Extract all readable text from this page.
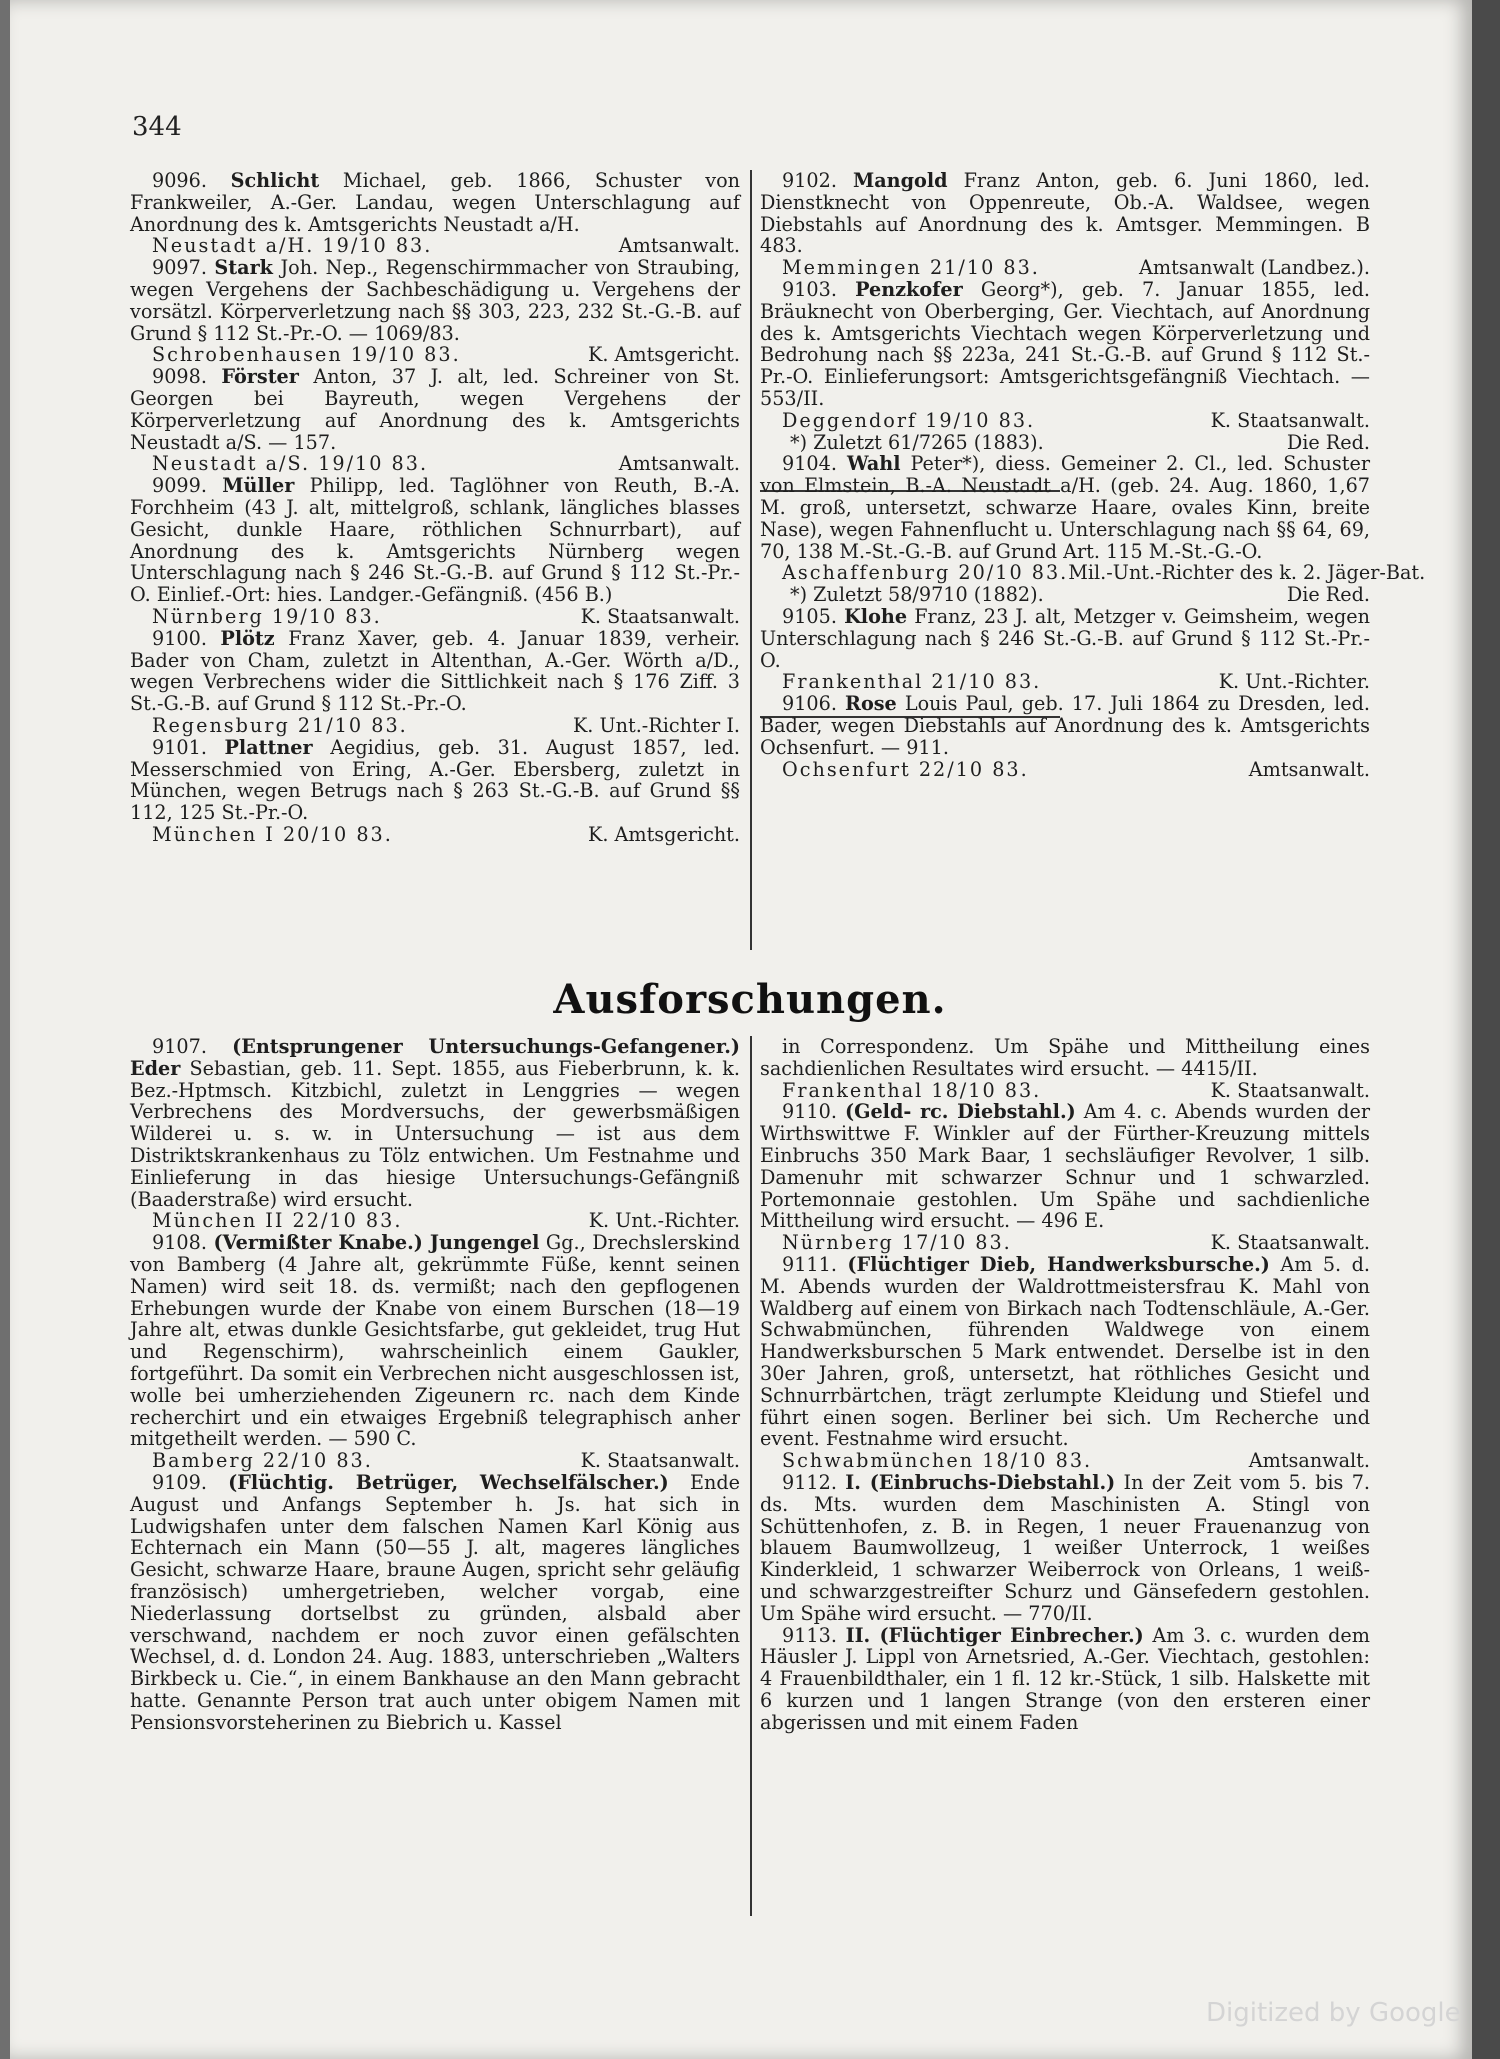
344

9096. Schlicht Michael, geb. 1866, Schuster von Frankweiler, A.-Ger. Landau, wegen Unterschlagung auf Anordnung des k. Amtsgerichts Neustadt a/H.

Neustadt a/H. 19/10 83.	Amtsanwalt.

9097. Stark Joh. Nep., Regenschirmmacher von Straubing, wegen Vergehens der Sachbeschädigung u. Vergehens der vorsätzl. Körperverletzung nach §§ 303, 223, 232 St.-G.-B. auf Grund § 112 St.-Pr.-O. — 1069/83.

Schrobenhausen 19/10 83.	K. Amtsgericht.

9098. Förster Anton, 37 J. alt, led. Schreiner von St. Georgen bei Bayreuth, wegen Vergehens der Körperverletzung auf Anordnung des k. Amtsgerichts Neustadt a/S. — 157.

Neustadt a/S. 19/10 83.	Amtsanwalt.

9099. Müller Philipp, led. Taglöhner von Reuth, B.-A. Forchheim (43 J. alt, mittelgroß, schlank, längliches blasses Gesicht, dunkle Haare, röthlichen Schnurrbart), auf Anordnung des k. Amtsgerichts Nürnberg wegen Unterschlagung nach § 246 St.-G.-B. auf Grund § 112 St.-Pr.-O. Einlief.-Ort: hies. Landger.-Gefängniß. (456 B.)

Nürnberg 19/10 83.	K. Staatsanwalt.

9100. Plötz Franz Xaver, geb. 4. Januar 1839, verheir. Bader von Cham, zuletzt in Altenthan, A.-Ger. Wörth a/D., wegen Verbrechens wider die Sittlichkeit nach § 176 Ziff. 3 St.-G.-B. auf Grund § 112 St.-Pr.-O.

Regensburg 21/10 83.	K. Unt.-Richter I.

9101. Plattner Aegidius, geb. 31. August 1857, led. Messerschmied von Ering, A.-Ger. Ebersberg, zuletzt in München, wegen Betrugs nach § 263 St.-G.-B. auf Grund §§ 112, 125 St.-Pr.-O.

München I 20/10 83.	K. Amtsgericht.

9102. Mangold Franz Anton, geb. 6. Juni 1860, led. Dienstknecht von Oppenreute, Ob.-A. Waldsee, wegen Diebstahls auf Anordnung des k. Amtsger. Memmingen. B 483.

Memmingen 21/10 83.	Amtsanwalt (Landbez.).

9103. Penzkofer Georg*), geb. 7. Januar 1855, led. Bräuknecht von Oberberging, Ger. Viechtach, auf Anordnung des k. Amtsgerichts Viechtach wegen Körperverletzung und Bedrohung nach §§ 223a, 241 St.-G.-B. auf Grund § 112 St.-Pr.-O. Einlieferungsort: Amtsgerichtsgefängniß Viechtach. — 553/II.

Deggendorf 19/10 83.	K. Staatsanwalt.
*) Zuletzt 61/7265 (1883).	Die Red.

9104. Wahl Peter*), diess. Gemeiner 2. Cl., led. Schuster von Elmstein, B.-A. Neustadt a/H. (geb. 24. Aug. 1860, 1,67 M. groß, untersetzt, schwarze Haare, ovales Kinn, breite Nase), wegen Fahnenflucht u. Unterschlagung nach §§ 64, 69, 70, 138 M.-St.-G.-B. auf Grund Art. 115 M.-St.-G.-O.

Aschaffenburg 20/10 83. Mil.-Unt.-Richter des k. 2. Jäger-Bat.
*) Zuletzt 58/9710 (1882).	Die Red.

9105. Klohe Franz, 23 J. alt, Metzger v. Geimsheim, wegen Unterschlagung nach § 246 St.-G.-B. auf Grund § 112 St.-Pr.-O.

Frankenthal 21/10 83.	K. Unt.-Richter.

9106. Rose Louis Paul, geb. 17. Juli 1864 zu Dresden, led. Bader, wegen Diebstahls auf Anordnung des k. Amtsgerichts Ochsenfurt. — 911.

Ochsenfurt 22/10 83.	Amtsanwalt.
Ausforschungen.

9107. (Entsprungener Untersuchungs-Gefangener.) Eder Sebastian, geb. 11. Sept. 1855, aus Fieberbrunn, k. k. Bez.-Hptmsch. Kitzbichl, zuletzt in Lenggries — wegen Verbrechens des Mordversuchs, der gewerbsmäßigen Wilderei u. s. w. in Untersuchung — ist aus dem Distriktskrankenhaus zu Tölz entwichen. Um Festnahme und Einlieferung in das hiesige Untersuchungs-Gefängniß (Baaderstraße) wird ersucht.

München II 22/10 83.	K. Unt.-Richter.

9108. (Vermißter Knabe.) Jungengel Gg., Drechslerskind von Bamberg (4 Jahre alt, gekrümmte Füße, kennt seinen Namen) wird seit 18. ds. vermißt; nach den gepflogenen Erhebungen wurde der Knabe von einem Burschen (18—19 Jahre alt, etwas dunkle Gesichtsfarbe, gut gekleidet, trug Hut und Regenschirm), wahrscheinlich einem Gaukler, fortgeführt. Da somit ein Verbrechen nicht ausgeschlossen ist, wolle bei umherziehenden Zigeunern rc. nach dem Kinde recherchirt und ein etwaiges Ergebniß telegraphisch anher mitgetheilt werden. — 590 C.

Bamberg 22/10 83.	K. Staatsanwalt.

9109. (Flüchtig. Betrüger, Wechselfälscher.) Ende August und Anfangs September h. Js. hat sich in Ludwigshafen unter dem falschen Namen Karl König aus Echternach ein Mann (50—55 J. alt, mageres längliches Gesicht, schwarze Haare, braune Augen, spricht sehr geläufig französisch) umhergetrieben, welcher vorgab, eine Niederlassung dortselbst zu gründen, alsbald aber verschwand, nachdem er noch zuvor einen gefälschten Wechsel, d. d. London 24. Aug. 1883, unterschrieben „Walters Birkbeck u. Cie.“, in einem Bankhause an den Mann gebracht hatte. Genannte Person trat auch unter obigem Namen mit Pensionsvorsteherinen zu Biebrich u. Kassel

in Correspondenz. Um Spähe und Mittheilung eines sachdienlichen Resultates wird ersucht. — 4415/II.

Frankenthal 18/10 83.	K. Staatsanwalt.

9110. (Geld- rc. Diebstahl.) Am 4. c. Abends wurden der Wirthswittwe F. Winkler auf der Fürther-Kreuzung mittels Einbruchs 350 Mark Baar, 1 sechsläufiger Revolver, 1 silb. Damenuhr mit schwarzer Schnur und 1 schwarzled. Portemonnaie gestohlen. Um Spähe und sachdienliche Mittheilung wird ersucht. — 496 E.

Nürnberg 17/10 83.	K. Staatsanwalt.

9111. (Flüchtiger Dieb, Handwerksbursche.) Am 5. d. M. Abends wurden der Waldrottmeistersfrau K. Mahl von Waldberg auf einem von Birkach nach Todtenschläule, A.-Ger. Schwabmünchen, führenden Waldwege von einem Handwerksburschen 5 Mark entwendet. Derselbe ist in den 30er Jahren, groß, untersetzt, hat röthliches Gesicht und Schnurrbärtchen, trägt zerlumpte Kleidung und Stiefel und führt einen sogen. Berliner bei sich. Um Recherche und event. Festnahme wird ersucht.

Schwabmünchen 18/10 83.	Amtsanwalt.

9112. I. (Einbruchs-Diebstahl.) In der Zeit vom 5. bis 7. ds. Mts. wurden dem Maschinisten A. Stingl von Schüttenhofen, z. B. in Regen, 1 neuer Frauenanzug von blauem Baumwollzeug, 1 weißer Unterrock, 1 weißes Kinderkleid, 1 schwarzer Weiberrock von Orleans, 1 weiß- und schwarzgestreifter Schurz und Gänsefedern gestohlen. Um Spähe wird ersucht. — 770/II.

9113. II. (Flüchtiger Einbrecher.) Am 3. c. wurden dem Häusler J. Lippl von Arnetsried, A.-Ger. Viechtach, gestohlen: 4 Frauenbildthaler, ein 1 fl. 12 kr.-Stück, 1 silb. Halskette mit 6 kurzen und 1 langen Strange (von den ersteren einer abgerissen und mit einem Faden

Digitized by Google
